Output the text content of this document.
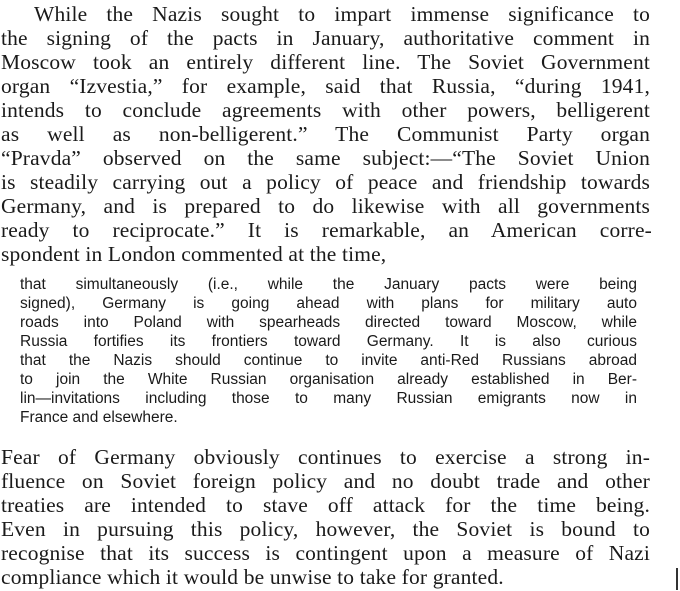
While the Nazis sought to impart immense significance to
the signing of the pacts in January, authoritative comment in
Moscow took an entirely different line. The Soviet Government
organ “Izvestia,” for example, said that Russia, “during 1941,
intends to conclude agreements with other powers, belligerent
as well as non-belligerent.” The Communist Party organ
“Pravda” observed on the same subject:—“The Soviet Union
is steadily carrying out a policy of peace and friendship towards
Germany, and is prepared to do likewise with all governments
ready to reciprocate.” It is remarkable, an American corre-
spondent in London commented at the time,
that simultaneously (i.e., while the January pacts were being
signed), Germany is going ahead with plans for military auto
roads into Poland with spearheads directed toward Moscow, while
Russia fortifies its frontiers toward Germany. It is also curious
that the Nazis should continue to invite anti-Red Russians abroad
to join the White Russian organisation already established in Ber-
lin—invitations including those to many Russian emigrants now in
France and elsewhere.
Fear of Germany obviously continues to exercise a strong in-
fluence on Soviet foreign policy and no doubt trade and other
treaties are intended to stave off attack for the time being.
Even in pursuing this policy, however, the Soviet is bound to
recognise that its success is contingent upon a measure of Nazi
compliance which it would be unwise to take for granted.
